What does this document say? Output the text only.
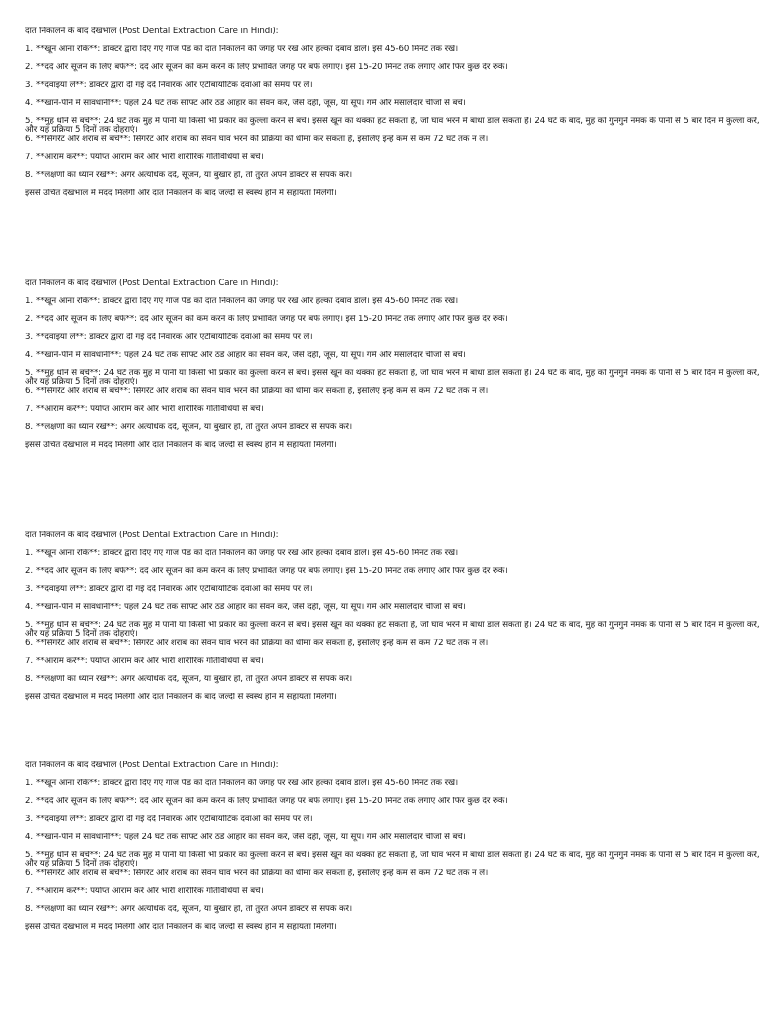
दांत निकालने के बाद देखभाल (Post Dental Extraction Care in Hindi):

1. **खून आना रोकें**: डॉक्टर द्वारा दिए गए गॉज पैड को दांत निकालने की जगह पर रखें और हल्का दबाव डालें। इसे 45-60 मिनट तक रखें।

2. **दर्द और सूजन के लिए बर्फ**: दर्द और सूजन को कम करने के लिए प्रभावित जगह पर बर्फ लगाएं। इसे 15-20 मिनट तक लगाएं और फिर कुछ देर रुकें।

3. **दवाइयाँ लें**: डॉक्टर द्वारा दी गई दर्द निवारक और एंटीबायोटिक दवाओं को समय पर लें।

4. **खाने-पीने में सावधानी**: पहले 24 घंटे तक सॉफ्ट और ठंडे आहार का सेवन करें, जैसे दही, जूस, या सूप। गर्म और मसालेदार चीजों से बचें।

5. **मुंह धोने से बचें**: 24 घंटे तक मुंह में पानी या किसी भी प्रकार का कुल्ला करने से बचें। इससे खून का थक्का हट सकता है, जो घाव भरने में बाधा डाल सकता है। 24 घंटे के बाद, मुंह को गुनगुने नमक के पानी से 5 बार दिन में कुल्ला करें, और यह प्रक्रिया 5 दिनों तक दोहराएं।

6. **सिगरेट और शराब से बचें**: सिगरेट और शराब का सेवन घाव भरने की प्रक्रिया को धीमा कर सकता है, इसलिए इन्हें कम से कम 72 घंटे तक न लें।

7. **आराम करें**: पर्याप्त आराम करें और भारी शारीरिक गतिविधियों से बचें।

8. **लक्षणों का ध्यान रखें**: अगर अत्यधिक दर्द, सूजन, या बुखार हो, तो तुरंत अपने डॉक्टर से संपर्क करें।

इससे उचित देखभाल में मदद मिलेगी और दांत निकालने के बाद जल्दी से स्वस्थ होने में सहायता मिलेगी।

दांत निकालने के बाद देखभाल (Post Dental Extraction Care in Hindi):

1. **खून आना रोकें**: डॉक्टर द्वारा दिए गए गॉज पैड को दांत निकालने की जगह पर रखें और हल्का दबाव डालें। इसे 45-60 मिनट तक रखें।

2. **दर्द और सूजन के लिए बर्फ**: दर्द और सूजन को कम करने के लिए प्रभावित जगह पर बर्फ लगाएं। इसे 15-20 मिनट तक लगाएं और फिर कुछ देर रुकें।

3. **दवाइयाँ लें**: डॉक्टर द्वारा दी गई दर्द निवारक और एंटीबायोटिक दवाओं को समय पर लें।

4. **खाने-पीने में सावधानी**: पहले 24 घंटे तक सॉफ्ट और ठंडे आहार का सेवन करें, जैसे दही, जूस, या सूप। गर्म और मसालेदार चीजों से बचें।

5. **मुंह धोने से बचें**: 24 घंटे तक मुंह में पानी या किसी भी प्रकार का कुल्ला करने से बचें। इससे खून का थक्का हट सकता है, जो घाव भरने में बाधा डाल सकता है। 24 घंटे के बाद, मुंह को गुनगुने नमक के पानी से 5 बार दिन में कुल्ला करें, और यह प्रक्रिया 5 दिनों तक दोहराएं।

6. **सिगरेट और शराब से बचें**: सिगरेट और शराब का सेवन घाव भरने की प्रक्रिया को धीमा कर सकता है, इसलिए इन्हें कम से कम 72 घंटे तक न लें।

7. **आराम करें**: पर्याप्त आराम करें और भारी शारीरिक गतिविधियों से बचें।

8. **लक्षणों का ध्यान रखें**: अगर अत्यधिक दर्द, सूजन, या बुखार हो, तो तुरंत अपने डॉक्टर से संपर्क करें।

इससे उचित देखभाल में मदद मिलेगी और दांत निकालने के बाद जल्दी से स्वस्थ होने में सहायता मिलेगी।

दांत निकालने के बाद देखभाल (Post Dental Extraction Care in Hindi):

1. **खून आना रोकें**: डॉक्टर द्वारा दिए गए गॉज पैड को दांत निकालने की जगह पर रखें और हल्का दबाव डालें। इसे 45-60 मिनट तक रखें।

2. **दर्द और सूजन के लिए बर्फ**: दर्द और सूजन को कम करने के लिए प्रभावित जगह पर बर्फ लगाएं। इसे 15-20 मिनट तक लगाएं और फिर कुछ देर रुकें।

3. **दवाइयाँ लें**: डॉक्टर द्वारा दी गई दर्द निवारक और एंटीबायोटिक दवाओं को समय पर लें।

4. **खाने-पीने में सावधानी**: पहले 24 घंटे तक सॉफ्ट और ठंडे आहार का सेवन करें, जैसे दही, जूस, या सूप। गर्म और मसालेदार चीजों से बचें।

5. **मुंह धोने से बचें**: 24 घंटे तक मुंह में पानी या किसी भी प्रकार का कुल्ला करने से बचें। इससे खून का थक्का हट सकता है, जो घाव भरने में बाधा डाल सकता है। 24 घंटे के बाद, मुंह को गुनगुने नमक के पानी से 5 बार दिन में कुल्ला करें, और यह प्रक्रिया 5 दिनों तक दोहराएं।

6. **सिगरेट और शराब से बचें**: सिगरेट और शराब का सेवन घाव भरने की प्रक्रिया को धीमा कर सकता है, इसलिए इन्हें कम से कम 72 घंटे तक न लें।

7. **आराम करें**: पर्याप्त आराम करें और भारी शारीरिक गतिविधियों से बचें।

8. **लक्षणों का ध्यान रखें**: अगर अत्यधिक दर्द, सूजन, या बुखार हो, तो तुरंत अपने डॉक्टर से संपर्क करें।

इससे उचित देखभाल में मदद मिलेगी और दांत निकालने के बाद जल्दी से स्वस्थ होने में सहायता मिलेगी।

दांत निकालने के बाद देखभाल (Post Dental Extraction Care in Hindi):

1. **खून आना रोकें**: डॉक्टर द्वारा दिए गए गॉज पैड को दांत निकालने की जगह पर रखें और हल्का दबाव डालें। इसे 45-60 मिनट तक रखें।

2. **दर्द और सूजन के लिए बर्फ**: दर्द और सूजन को कम करने के लिए प्रभावित जगह पर बर्फ लगाएं। इसे 15-20 मिनट तक लगाएं और फिर कुछ देर रुकें।

3. **दवाइयाँ लें**: डॉक्टर द्वारा दी गई दर्द निवारक और एंटीबायोटिक दवाओं को समय पर लें।

4. **खाने-पीने में सावधानी**: पहले 24 घंटे तक सॉफ्ट और ठंडे आहार का सेवन करें, जैसे दही, जूस, या सूप। गर्म और मसालेदार चीजों से बचें।

5. **मुंह धोने से बचें**: 24 घंटे तक मुंह में पानी या किसी भी प्रकार का कुल्ला करने से बचें। इससे खून का थक्का हट सकता है, जो घाव भरने में बाधा डाल सकता है। 24 घंटे के बाद, मुंह को गुनगुने नमक के पानी से 5 बार दिन में कुल्ला करें, और यह प्रक्रिया 5 दिनों तक दोहराएं।

6. **सिगरेट और शराब से बचें**: सिगरेट और शराब का सेवन घाव भरने की प्रक्रिया को धीमा कर सकता है, इसलिए इन्हें कम से कम 72 घंटे तक न लें।

7. **आराम करें**: पर्याप्त आराम करें और भारी शारीरिक गतिविधियों से बचें।

8. **लक्षणों का ध्यान रखें**: अगर अत्यधिक दर्द, सूजन, या बुखार हो, तो तुरंत अपने डॉक्टर से संपर्क करें।

इससे उचित देखभाल में मदद मिलेगी और दांत निकालने के बाद जल्दी से स्वस्थ होने में सहायता मिलेगी।
